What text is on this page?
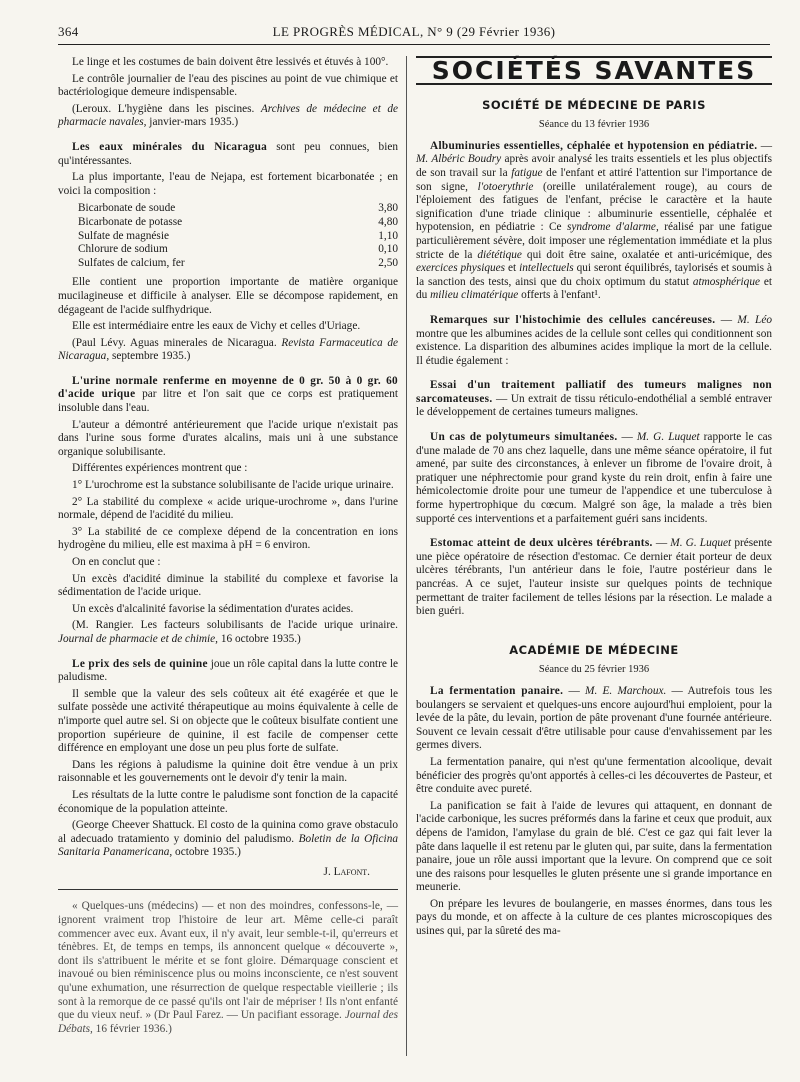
364	LE PROGRÈS MÉDICAL, N° 9 (29 Février 1936)

Le linge et les costumes de bain doivent être lessivés et étuvés à 100°.

Le contrôle journalier de l'eau des piscines au point de vue chimique et bactériologique demeure indispensable.

(Leroux. L'hygiène dans les piscines. Archives de médecine et de pharmacie navales, janvier-mars 1935.)

Les eaux minérales du Nicaragua sont peu connues, bien qu'intéressantes.

La plus importante, l'eau de Nejapa, est fortement bicarbonatée ; en voici la composition :

Bicarbonate de soude	3,80
Bicarbonate de potasse	4,80
Sulfate de magnésie	1,10
Chlorure de sodium	0,10
Sulfates de calcium, fer	2,50

Elle contient une proportion importante de matière organique mucilagineuse et difficile à analyser. Elle se décompose rapidement, en dégageant de l'acide sulfhydrique.

Elle est intermédiaire entre les eaux de Vichy et celles d'Uriage.

(Paul Lévy. Aguas minerales de Nicaragua. Revista Farmaceutica de Nicaragua, septembre 1935.)

L'urine normale renferme en moyenne de 0 gr. 50 à 0 gr. 60 d'acide urique par litre et l'on sait que ce corps est pratiquement insoluble dans l'eau.

L'auteur a démontré antérieurement que l'acide urique n'existait pas dans l'urine sous forme d'urates alcalins, mais uni à une substance organique solubilisante.

Différentes expériences montrent que :

1° L'urochrome est la substance solubilisante de l'acide urique urinaire.

2° La stabilité du complexe « acide urique-urochrome », dans l'urine normale, dépend de l'acidité du milieu.

3° La stabilité de ce complexe dépend de la concentration en ions hydrogène du milieu, elle est maxima à pH = 6 environ.

On en conclut que :

Un excès d'acidité diminue la stabilité du complexe et favorise la sédimentation de l'acide urique.

Un excès d'alcalinité favorise la sédimentation d'urates acides.

(M. Rangier. Les facteurs solubilisants de l'acide urique urinaire. Journal de pharmacie et de chimie, 16 octobre 1935.)

Le prix des sels de quinine joue un rôle capital dans la lutte contre le paludisme.

Il semble que la valeur des sels coûteux ait été exagérée et que le sulfate possède une activité thérapeutique au moins équivalente à celle de n'importe quel autre sel. Si on objecte que le coûteux bisulfate contient une proportion supérieure de quinine, il est facile de compenser cette différence en employant une dose un peu plus forte de sulfate.

Dans les régions à paludisme la quinine doit être vendue à un prix raisonnable et les gouvernements ont le devoir d'y tenir la main.

Les résultats de la lutte contre le paludisme sont fonction de la capacité économique de la population atteinte.

(George Cheever Shattuck. El costo de la quinina como grave obstaculo al adecuado tratamiento y dominio del paludismo. Boletin de la Oficina Sanitaria Panamericana, octobre 1935.)

J. Lafont.

« Quelques-uns (médecins) — et non des moindres, confessons-le, — ignorent vraiment trop l'histoire de leur art. Même celle-ci paraît commencer avec eux. Avant eux, il n'y avait, leur semble-t-il, qu'erreurs et ténèbres. Et, de temps en temps, ils annoncent quelque « découverte », dont ils s'attribuent le mérite et se font gloire. Démarquage conscient et inavoué ou bien réminiscence plus ou moins inconsciente, ce n'est souvent qu'une exhumation, une résurrection de quelque respectable vieillerie ; ils sont à la remorque de ce passé qu'ils ont l'air de mépriser ! Ils n'ont enfanté que du vieux neuf. » (Dr Paul Farez. — Un pacifiant essorage. Journal des Débats, 16 février 1936.)

SOCIÉTÉS SAVANTES
SOCIÉTÉ DE MÉDECINE DE PARIS
Séance du 13 février 1936

Albuminuries essentielles, céphalée et hypotension en pédiatrie. — M. Albéric Boudry après avoir analysé les traits essentiels et les plus objectifs de son travail sur la fatigue de l'enfant et attiré l'attention sur l'importance de son signe, l'otoerythrie (oreille unilatéralement rouge), au cours de l'éploiement des fatigues de l'enfant, précise le caractère et la haute signification d'une triade clinique : albuminurie essentielle, céphalée et hypotension, en pédiatrie : Ce syndrome d'alarme, réalisé par une fatigue particulièrement sévère, doit imposer une réglementation immédiate et la plus stricte de la diététique qui doit être saine, oxalatée et anti-uricémique, des exercices physiques et intellectuels qui seront équilibrés, taylorisés et soumis à la sanction des tests, ainsi que du choix optimum du statut atmosphérique et du milieu climatérique offerts à l'enfant¹.

Remarques sur l'histochimie des cellules cancéreuses. — M. Léo montre que les albumines acides de la cellule sont celles qui conditionnent son existence. La disparition des albumines acides implique la mort de la cellule. Il étudie également :

Essai d'un traitement palliatif des tumeurs malignes non sarcomateuses. — Un extrait de tissu réticulo-endothélial a semblé entraver le développement de certaines tumeurs malignes.

Un cas de polytumeurs simultanées. — M. G. Luquet rapporte le cas d'une malade de 70 ans chez laquelle, dans une même séance opératoire, il fut amené, par suite des circonstances, à enlever un fibrome de l'ovaire droit, à pratiquer une néphrectomie pour grand kyste du rein droit, enfin à faire une hémicolectomie droite pour une tumeur de l'appendice et une tuberculose à forme hypertrophique du cœcum. Malgré son âge, la malade a très bien supporté ces interventions et a parfaitement guéri sans incidents.

Estomac atteint de deux ulcères térébrants. — M. G. Luquet présente une pièce opératoire de résection d'estomac. Ce dernier était porteur de deux ulcères térébrants, l'un antérieur dans le foie, l'autre postérieur dans le pancréas. A ce sujet, l'auteur insiste sur quelques points de technique permettant de traiter facilement de telles lésions par la résection. Le malade a bien guéri.

ACADÉMIE DE MÉDECINE
Séance du 25 février 1936

La fermentation panaire. — M. E. Marchoux. — Autrefois tous les boulangers se servaient et quelques-uns encore aujourd'hui emploient, pour la levée de la pâte, du levain, portion de pâte provenant d'une fournée antérieure. Souvent ce levain cessait d'être utilisable pour cause d'envahissement par les germes divers.

La fermentation panaire, qui n'est qu'une fermentation alcoolique, devait bénéficier des progrès qu'ont apportés à celles-ci les découvertes de Pasteur, et être conduite avec pureté.

La panification se fait à l'aide de levures qui attaquent, en donnant de l'acide carbonique, les sucres préformés dans la farine et ceux que produit, aux dépens de l'amidon, l'amylase du grain de blé. C'est ce gaz qui fait lever la pâte dans laquelle il est retenu par le gluten qui, par suite, dans la fermentation panaire, joue un rôle aussi important que la levure. On comprend que ce soit une des raisons pour lesquelles le gluten présente une si grande importance en meunerie.

On prépare les levures de boulangerie, en masses énormes, dans tous les pays du monde, et on affecte à la culture de ces plantes microscopiques des usines qui, par la sûreté des ma-
